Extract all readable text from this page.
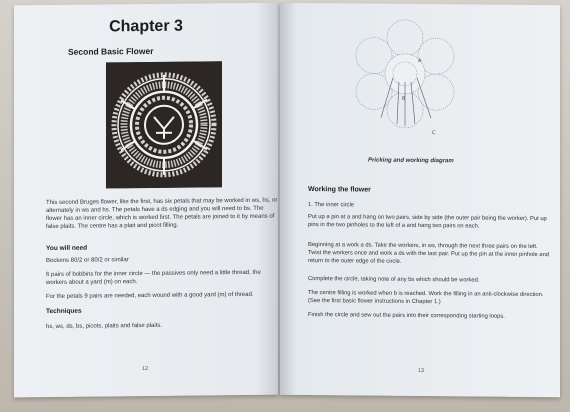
Chapter 3
Second Basic Flower

This second Bruges flower, like the first, has six petals that may be worked in ws, hs, or alternately in ws and hs. The petals have a ds edging and you will need to bs. The flower has an inner circle, which is worked first. The petals are joined to it by means of false plaits. The centre has a plait and picot filling.

You will need

Bockens 80/2 or 80/2 or similar

6 pairs of bobbins for the inner circle — the passives only need a little thread, the workers about a yard (m) on each.

For the petals 9 pairs are needed, each wound with a good yard (m) of thread.

Techniques

hs, ws, ds, bs, picots, plaits and false plaits.

12
A
B
C
Pricking and working diagram
Working the flower

1. The inner circle

Put up a pin at a and hang on two pairs, side by side (the outer pair being the worker). Put up pins in the two pinholes to the left of a and hang two pairs on each.

Beginning at a work a ds. Take the workers, in ws, through the next three pairs on the left. Twist the workers once and work a ds with the last pair. Put up the pin at the inner pinhole and return to the outer edge of the circle.

Complete the circle, taking note of any bs which should be worked.

The centre filling is worked when b is reached. Work the filling in an anti-clockwise direction. (See the first basic flower instructions in Chapter 1.)

Finish the circle and sew out the pairs into their corresponding starting loops.

13
